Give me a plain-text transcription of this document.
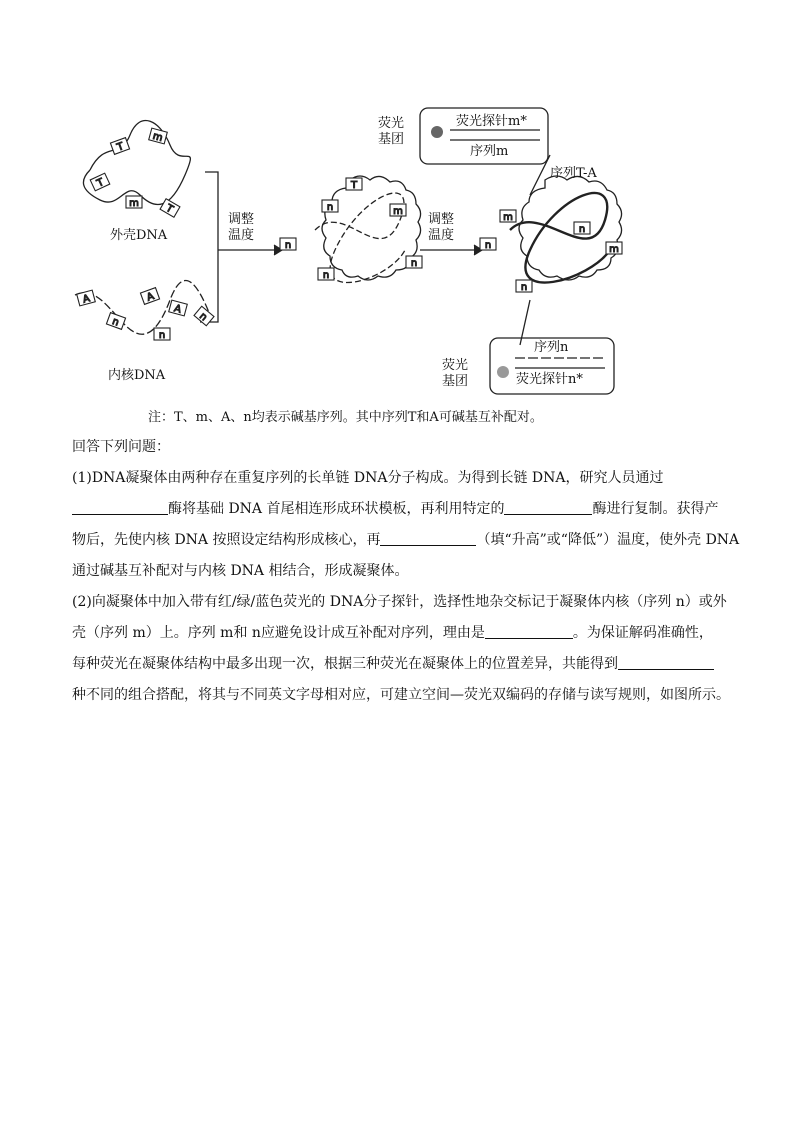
T
m
T
m T
A
n
A
A
n
n
n
n
T
m
n
n
m
n
n
m
n
外壳DNA
内核DNA
调整
温度
调整
温度
荧光
基团
荧光探针m*
序列m
序列T-A
序列n
荧光
基团	荧光探针n*
注：T、m、A、n均表示碱基序列。其中序列T和A可碱基互补配对。
回答下列问题：
(1)DNA凝聚体由两种存在重复序列的长单链 DNA分子构成。为得到长链 DNA，研究人员通过
酶将基础 DNA 首尾相连形成环状模板，再利用特定的	酶进行复制。获得产
物后，先使内核 DNA 按照设定结构形成核心，再	（填“升高”或“降低”）温度，使外壳 DNA
通过碱基互补配对与内核 DNA 相结合，形成凝聚体。
(2)向凝聚体中加入带有红/绿/蓝色荧光的 DNA分子探针，选择性地杂交标记于凝聚体内核（序列 n）或外
壳（序列 m）上。序列 m和 n应避免设计成互补配对序列，理由是	。为保证解码准确性，
每种荧光在凝聚体结构中最多出现一次，根据三种荧光在凝聚体上的位置差异，共能得到
种不同的组合搭配，将其与不同英文字母相对应，可建立空间—荧光双编码的存储与读写规则，如图所示。
